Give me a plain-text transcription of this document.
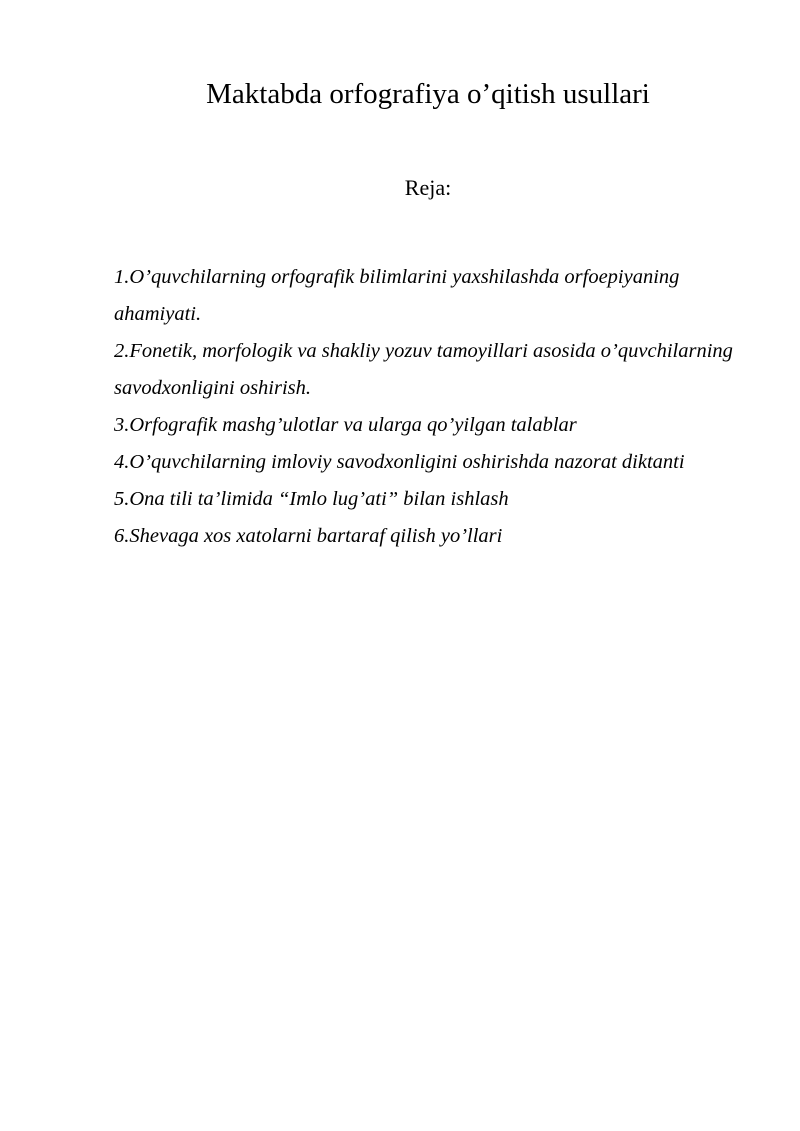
Maktabda orfografiya o’qitish usullari

Reja:

1.O’quvchilarning orfografik bilimlarini yaxshilashda orfoepiyaning ahamiyati.
2.Fonetik, morfologik va shakliy yozuv tamoyillari asosida o’quvchilarning savodxonligini oshirish.
3.Orfografik mashg’ulotlar va ularga qo’yilgan talablar
4.O’quvchilarning imloviy savodxonligini oshirishda nazorat diktanti
5.Ona tili ta’limida “Imlo lug’ati” bilan ishlash
6.Shevaga xos xatolarni bartaraf qilish yo’llari
